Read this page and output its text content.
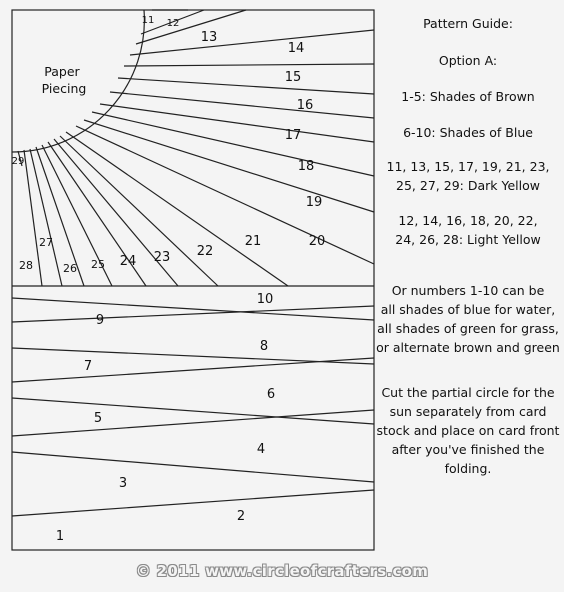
Paper
Piecing
1
2
3
4
5
6
7
8
9
10
11 12
13
14
15
16
17
18
19
20
21
22
23
24
25
26
27
28
29

Pattern Guide:

Option A:

1-5: Shades of Brown

6-10: Shades of Blue

11, 13, 15, 17, 19, 21, 23,

25, 27, 29: Dark Yellow

12, 14, 16, 18, 20, 22,

24, 26, 28: Light Yellow

Or numbers 1-10 can be

all shades of blue for water,

all shades of green for grass,

or alternate brown and green

Cut the partial circle for the

sun separately from card

stock and place on card front

after you've finished the

folding.

© 2011 www.circleofcrafters.com
